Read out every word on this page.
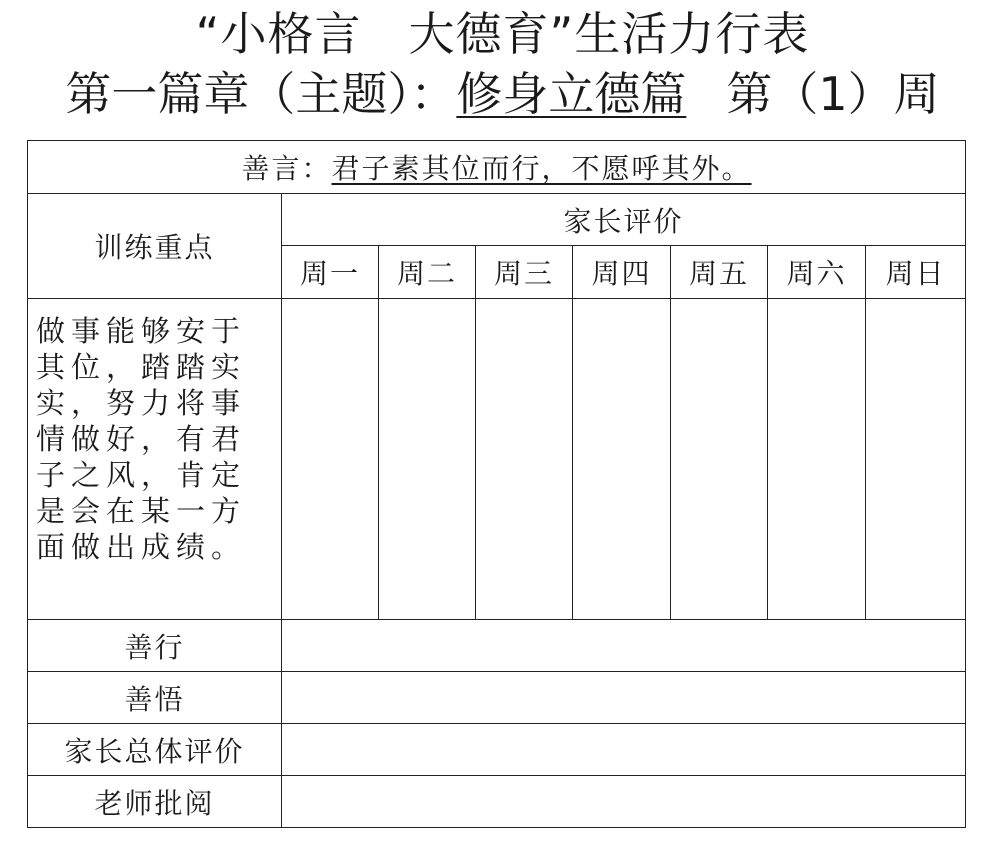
“小格言　大德育”生活力行表
第一篇章（主题）：修身立德篇 第（1）周
善言：君子素其位而行，不愿呼其外。							
训练重点	家长评价						
	周一	周二	周三	周四	周五	周六	周日
做事能够安于其位，踏踏实实，努力将事情做好，有君子之风，肯定是会在某一方面做出成绩。							
善行							
善悟							
家长总体评价							
老师批阅							
